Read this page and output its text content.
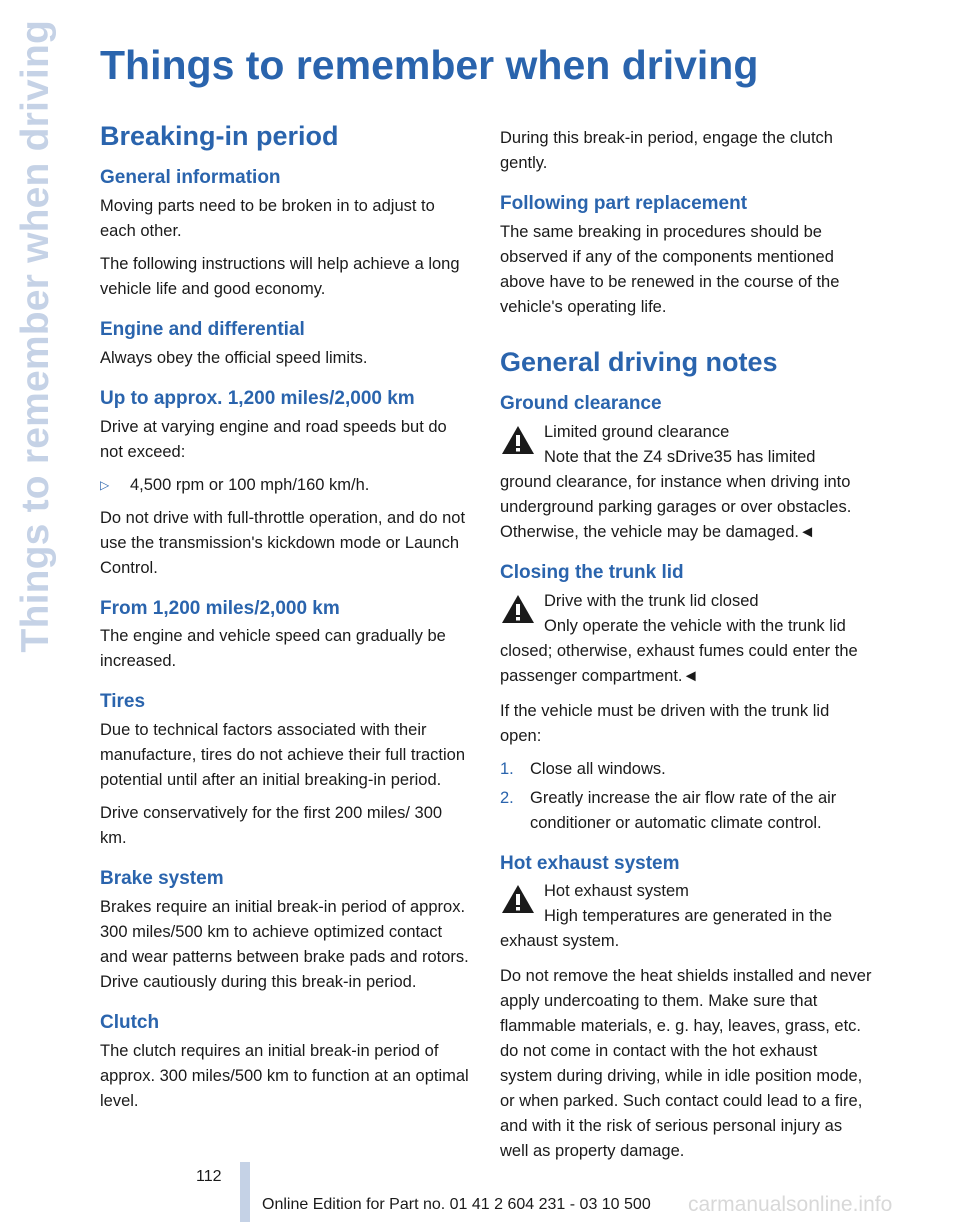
Things to remember when driving Things to remember when driving
Breaking-in period
General information

Moving parts need to be broken in to adjust to each other.

The following instructions will help achieve a long vehicle life and good economy.

Engine and differential

Always obey the official speed limits.

Up to approx. 1,200 miles/2,000 km

Drive at varying engine and road speeds but do not exceed:

▷	4,500 rpm or 100 mph/160 km/h.

Do not drive with full-throttle operation, and do not use the transmission's kickdown mode or Launch Control.

From 1,200 miles/2,000 km

The engine and vehicle speed can gradually be increased.

Tires

Due to technical factors associated with their manufacture, tires do not achieve their full traction potential until after an initial breaking-in period.

Drive conservatively for the first 200 miles/ 300 km.

Brake system

Brakes require an initial break-in period of approx. 300 miles/500 km to achieve optimized contact and wear patterns between brake pads and rotors. Drive cautiously during this break-in period.

Clutch

The clutch requires an initial break-in period of approx. 300 miles/500 km to function at an optimal level.

During this break-in period, engage the clutch gently.

Following part replacement

The same breaking in procedures should be observed if any of the components mentioned above have to be renewed in the course of the vehicle's operating life.

General driving notes
Ground clearance
Limited ground clearance
Note that the Z4 sDrive35 has limited
ground clearance, for instance when driving into underground parking garages or over obstacles. Otherwise, the vehicle may be damaged.◄
Closing the trunk lid
Drive with the trunk lid closed
Only operate the vehicle with the trunk lid
closed; otherwise, exhaust fumes could enter the passenger compartment.◄

If the vehicle must be driven with the trunk lid open:

1. Close all windows.
2. Greatly increase the air flow rate of the air conditioner or automatic climate control.
Hot exhaust system
Hot exhaust system
High temperatures are generated in the
exhaust system.

Do not remove the heat shields installed and never apply undercoating to them. Make sure that flammable materials, e. g. hay, leaves, grass, etc. do not come in contact with the hot exhaust system during driving, while in idle position mode, or when parked. Such contact could lead to a fire, and with it the risk of serious personal injury as well as property damage.

112
Online Edition for Part no. 01 41 2 604 231 - 03 10 500 carmanualsonline.info
